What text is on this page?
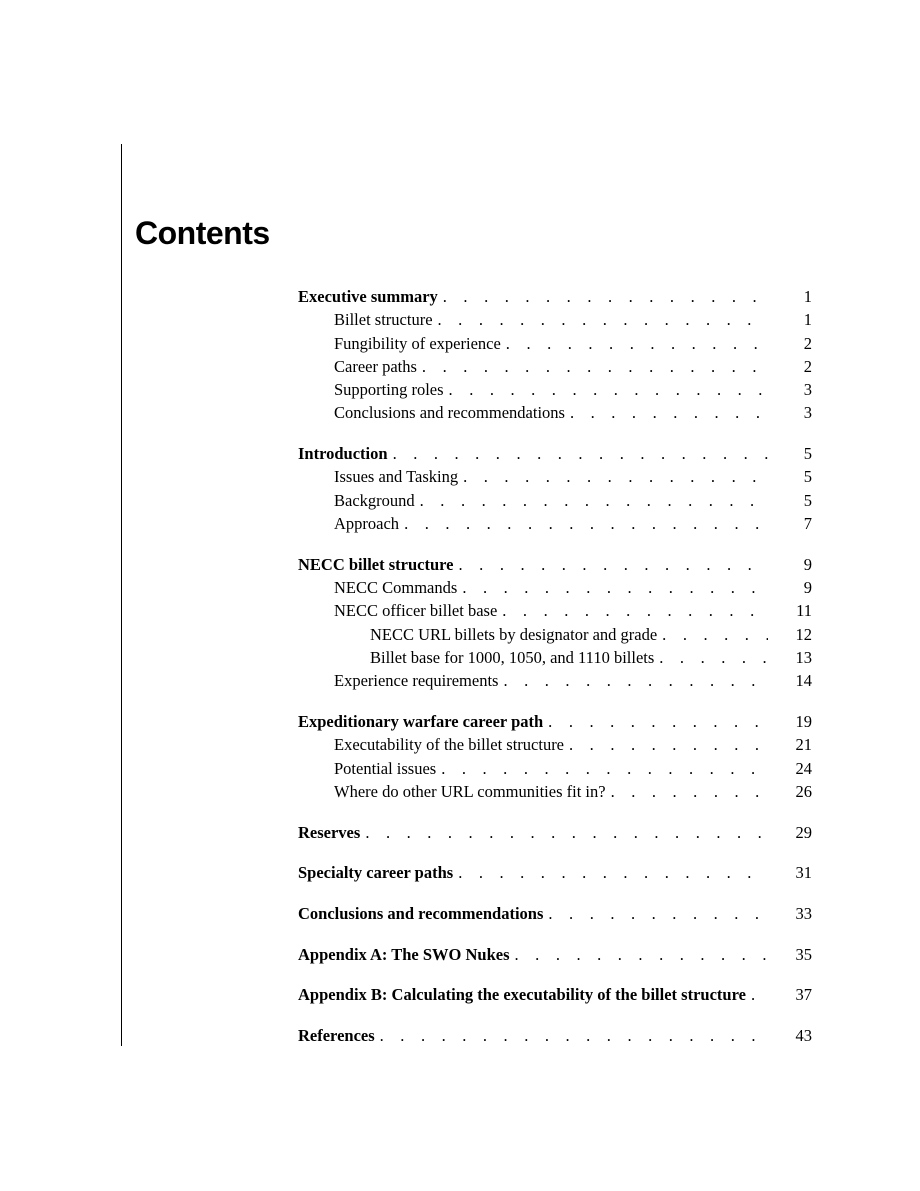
Contents
Executive summary . . .	1
Billet structure . . .	1
Fungibility of experience . . .	2
Career paths . . .	2
Supporting roles . . .	3
Conclusions and recommendations . . .	3
Introduction . . .	5
Issues and Tasking . . .	5
Background . . .	5
Approach . . .	7
NECC billet structure . . .	9
NECC Commands . . .	9
NECC officer billet base . . .	11
NECC URL billets by designator and grade . . .	12
Billet base for 1000, 1050, and 1110 billets . . .	13
Experience requirements . . .	14
Expeditionary warfare career path . . .	19
Executability of the billet structure . . .	21
Potential issues . . .	24
Where do other URL communities fit in? . . .	26
Reserves . . .	29
Specialty career paths . . .	31
Conclusions and recommendations . . .	33
Appendix A: The SWO Nukes . . .	35
Appendix B: Calculating the executability of the billet structure . . .	37
References . . .	43
